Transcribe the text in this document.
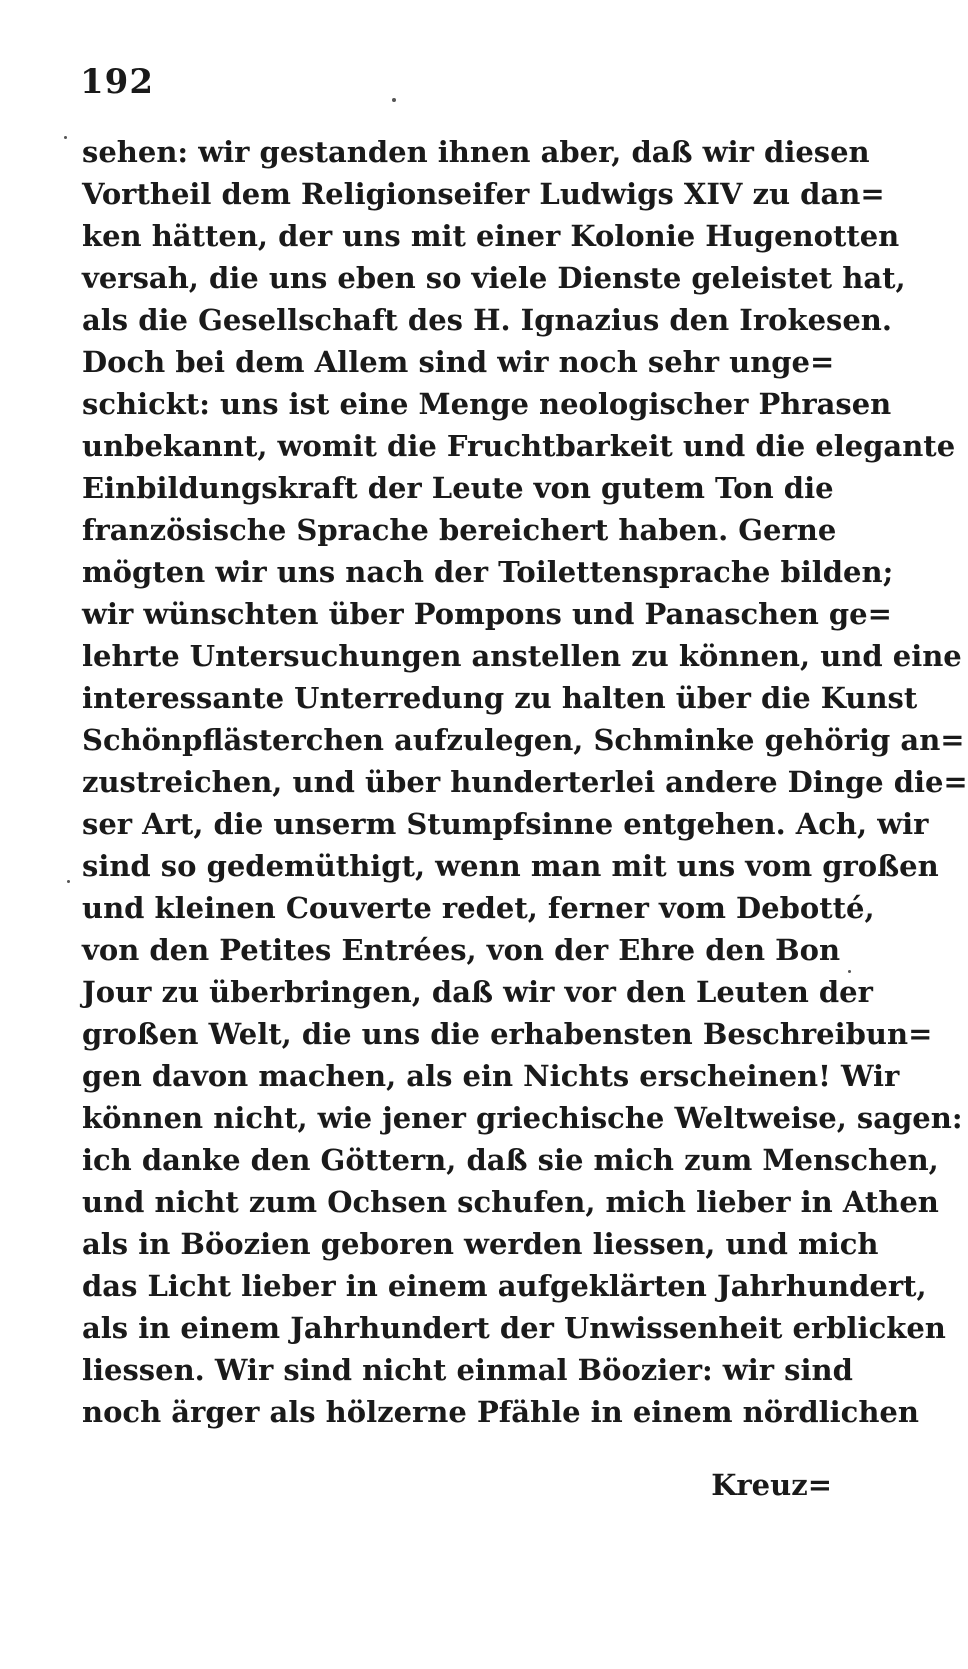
192
sehen: wir gestanden ihnen aber, daß wir diesen
Vortheil dem Religionseifer Ludwigs XIV zu dan=
ken hätten, der uns mit einer Kolonie Hugenotten
versah, die uns eben so viele Dienste geleistet hat,
als die Gesellschaft des H. Ignazius den Irokesen.
Doch bei dem Allem sind wir noch sehr unge=
schickt: uns ist eine Menge neologischer Phrasen
unbekannt, womit die Fruchtbarkeit und die elegante
Einbildungskraft der Leute von gutem Ton die
französische Sprache bereichert haben. Gerne
mögten wir uns nach der Toilettensprache bilden;
wir wünschten über Pompons und Panaschen ge=
lehrte Untersuchungen anstellen zu können, und eine
interessante Unterredung zu halten über die Kunst
Schönpflästerchen aufzulegen, Schminke gehörig an=
zustreichen, und über hunderterlei andere Dinge die=
ser Art, die unserm Stumpfsinne entgehen. Ach, wir
sind so gedemüthigt, wenn man mit uns vom großen
und kleinen Couverte redet, ferner vom Debotté,
von den Petites Entrées, von der Ehre den Bon
Jour zu überbringen, daß wir vor den Leuten der
großen Welt, die uns die erhabensten Beschreibun=
gen davon machen, als ein Nichts erscheinen! Wir
können nicht, wie jener griechische Weltweise, sagen:
ich danke den Göttern, daß sie mich zum Menschen,
und nicht zum Ochsen schufen, mich lieber in Athen
als in Böozien geboren werden liessen, und mich
das Licht lieber in einem aufgeklärten Jahrhundert,
als in einem Jahrhundert der Unwissenheit erblicken
liessen. Wir sind nicht einmal Böozier: wir sind
noch ärger als hölzerne Pfähle in einem nördlichen
Kreuz=
